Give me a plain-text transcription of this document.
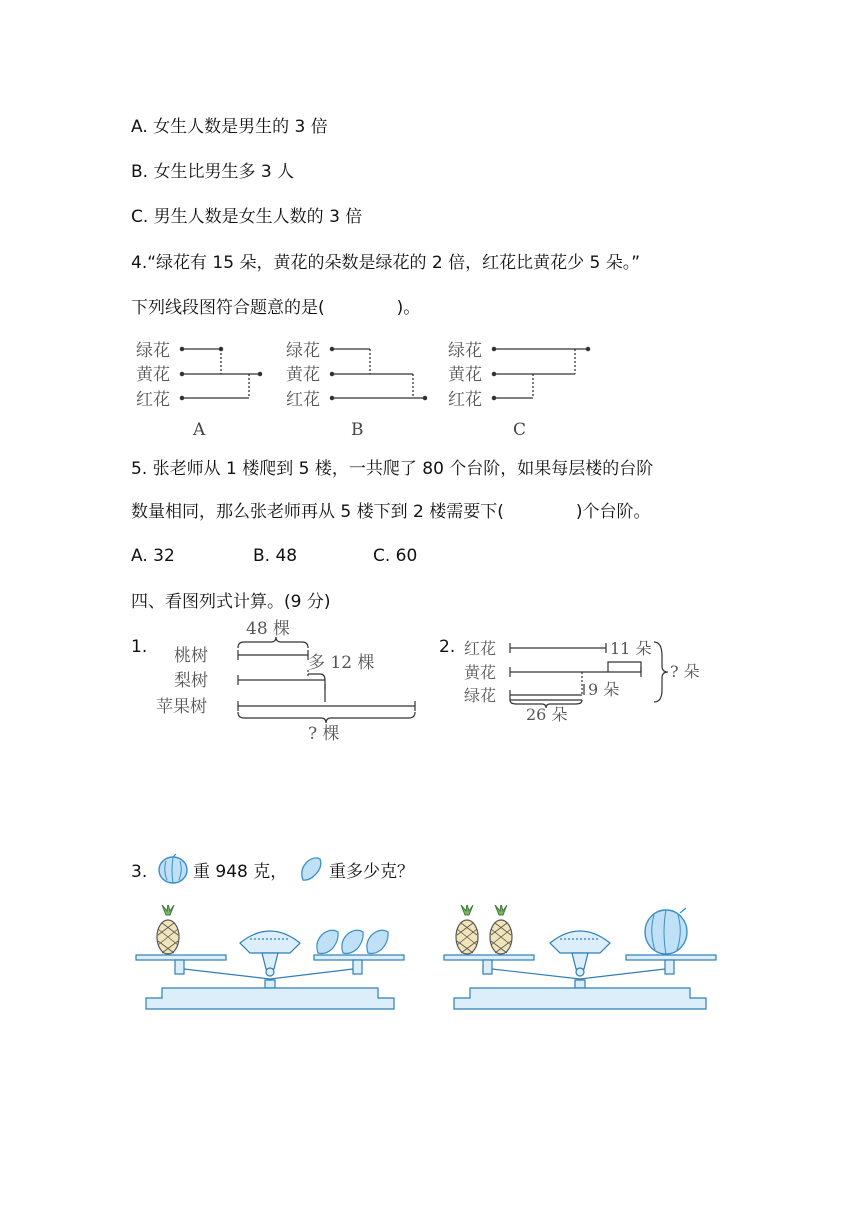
A. 女生人数是男生的 3 倍
B. 女生比男生多 3 人
C. 男生人数是女生人数的 3 倍
4.“绿花有 15 朵，黄花的朵数是绿花的 2 倍，红花比黄花少 5 朵。”
下列线段图符合题意的是(	)。
绿花
黄花
红花
A
绿花
黄花
红花
B
绿花
黄花
红花
C
5. 张老师从 1 楼爬到 5 楼，一共爬了 80 个台阶，如果每层楼的台阶
数量相同，那么张老师再从 5 楼下到 2 楼需要下(	)个台阶。
A. 32	B. 48	C. 60
四、看图列式计算。(9 分)
1.
48 棵
多 12 棵
桃树
梨树
苹果树
? 棵
2. 红花
黄花
绿花
11 朵
9 朵
26 朵
? 朵
3.	重 948 克， 重多少克？
